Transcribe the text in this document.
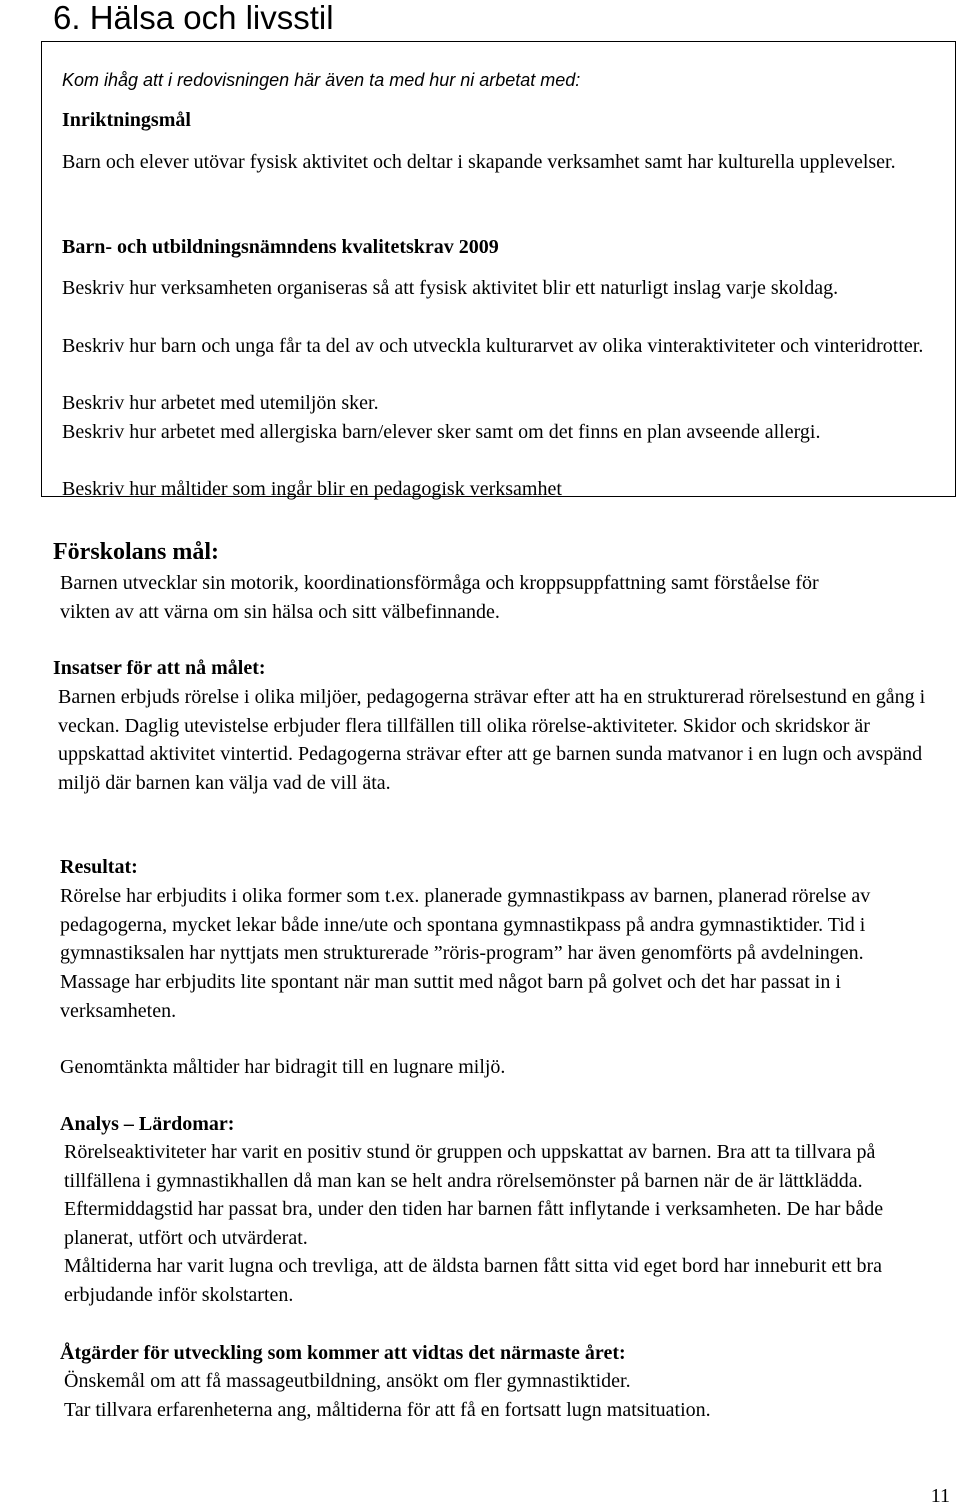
6. Hälsa och livsstil

Kom ihåg att i redovisningen här även ta med hur ni arbetat med:

Inriktningsmål

Barn och elever utövar fysisk aktivitet och deltar i skapande verksamhet samt har kulturella upplevelser.

Barn- och utbildningsnämndens kvalitetskrav 2009

Beskriv hur verksamheten organiseras så att fysisk aktivitet blir ett naturligt inslag varje skoldag.

Beskriv hur barn och unga får ta del av och utveckla kulturarvet av olika vinteraktiviteter och vinteridrotter.

Beskriv hur arbetet med utemiljön sker.

Beskriv hur arbetet med allergiska barn/elever sker samt om det finns en plan avseende allergi.

Beskriv hur måltider som ingår blir en pedagogisk verksamhet

Förskolans mål:

Barnen utvecklar sin motorik, koordinationsförmåga och kroppsuppfattning samt förståelse för vikten av att värna om sin hälsa och sitt välbefinnande.

Insatser för att nå målet:

Barnen erbjuds rörelse i olika miljöer, pedagogerna strävar efter att ha en strukturerad rörelsestund en gång i veckan. Daglig utevistelse erbjuder flera tillfällen till olika rörelse-aktiviteter. Skidor och skridskor är uppskattad aktivitet vintertid. Pedagogerna strävar efter att ge barnen sunda matvanor i en lugn och avspänd miljö där barnen kan välja vad de vill äta.

Resultat:

Rörelse har erbjudits i olika former som t.ex. planerade gymnastikpass av barnen, planerad rörelse av pedagogerna, mycket lekar både inne/ute och spontana gymnastikpass på andra gymnastiktider. Tid i gymnastiksalen har nyttjats men strukturerade ”röris-program” har även genomförts på avdelningen. Massage har erbjudits lite spontant när man suttit med något barn på golvet och det har passat in i verksamheten.

Genomtänkta måltider har bidragit till en lugnare miljö.

Analys – Lärdomar:

Rörelseaktiviteter har varit en positiv stund ör gruppen och uppskattat av barnen. Bra att ta tillvara på tillfällena i gymnastikhallen då man kan se helt andra rörelsemönster på barnen när de är lättklädda. Eftermiddagstid har passat bra, under den tiden har barnen fått inflytande i verksamheten. De har både planerat, utfört och utvärderat.

Måltiderna har varit lugna och trevliga, att de äldsta barnen fått sitta vid eget bord har inneburit ett bra erbjudande inför skolstarten.

Åtgärder för utveckling som kommer att vidtas det närmaste året:

Önskemål om att få massageutbildning, ansökt om fler gymnastiktider.

Tar tillvara erfarenheterna ang, måltiderna för att få en fortsatt lugn matsituation.

11
